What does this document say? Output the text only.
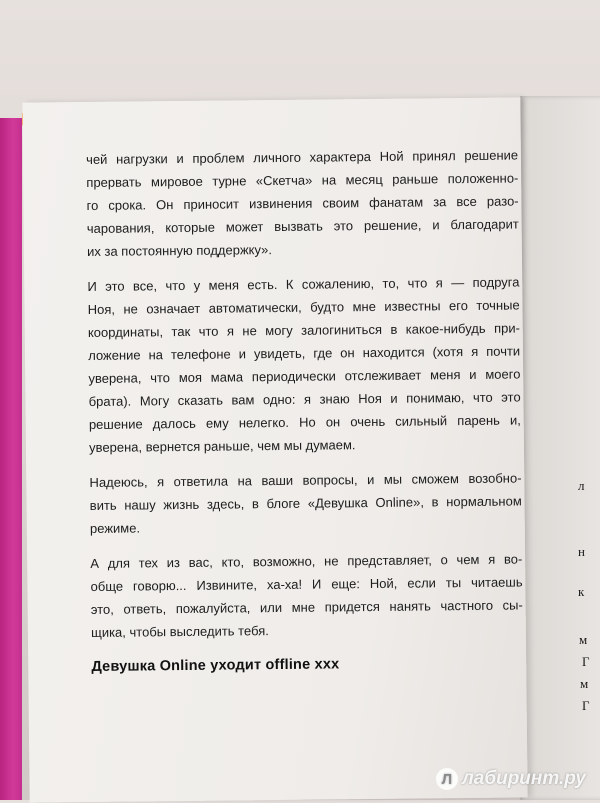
л
н
к
м
Г
м
Г
чей нагрузки и проблем личного характера Ной принял решение
прервать мировое турне «Скетча» на месяц раньше положенно-
го срока. Он приносит извинения своим фанатам за все разо-
чарования, которые может вызвать это решение, и благодарит
их за постоянную поддержку».
И это все, что у меня есть. К сожалению, то, что я — подруга
Ноя, не означает автоматически, будто мне известны его точные
координаты, так что я не могу залогиниться в какое-нибудь при-
ложение на телефоне и увидеть, где он находится (хотя я почти
уверена, что моя мама периодически отслеживает меня и моего
брата). Могу сказать вам одно: я знаю Ноя и понимаю, что это
решение далось ему нелегко. Но он очень сильный парень и,
уверена, вернется раньше, чем мы думаем.
Надеюсь, я ответила на ваши вопросы, и мы сможем возобно-
вить нашу жизнь здесь, в блоге «Девушка Online», в нормальном
режиме.
А для тех из вас, кто, возможно, не представляет, о чем я во-
обще говорю... Извините, ха-ха! И еще: Ной, если ты читаешь
это, ответь, пожалуйста, или мне придется нанять частного сы-
щика, чтобы выследить тебя.
Девушка Online уходит offline xxx
Л лабиринт.ру
